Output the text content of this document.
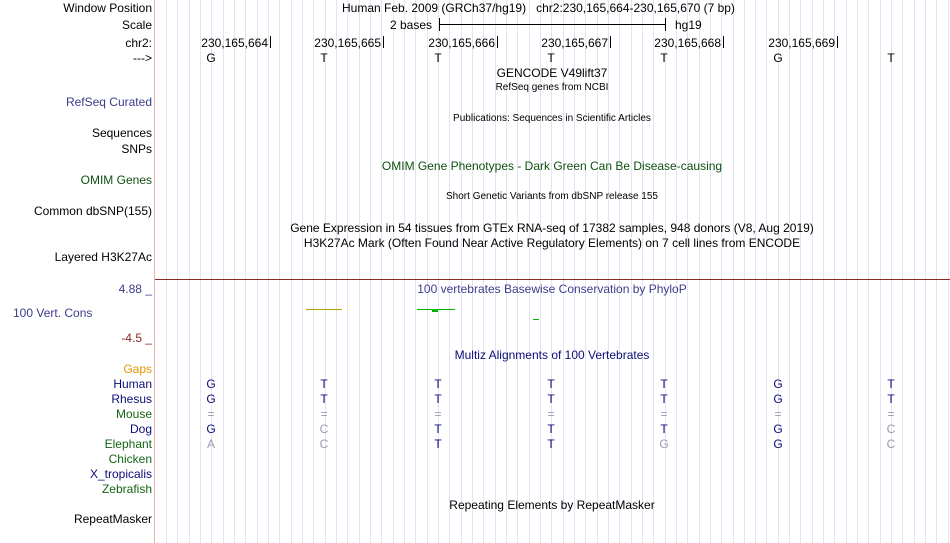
Window Position	Human Feb. 2009 (GRCh37/hg19)   chr2:230,165,664-230,165,670 (7 bp)
Scale	2 bases	hg19
chr2:	230,165,664	230,165,665	230,165,666	230,165,667	230,165,668	230,165,669
--->	G	T	T	T	T	G	T
GENCODE V49lift37
RefSeq genes from NCBI
RefSeq Curated
Publications: Sequences in Scientific Articles
Sequences
SNPs
OMIM Gene Phenotypes - Dark Green Can Be Disease-causing
OMIM Genes
Short Genetic Variants from dbSNP release 155
Common dbSNP(155)
Gene Expression in 54 tissues from GTEx RNA-seq of 17382 samples, 948 donors (V8, Aug 2019)
H3K27Ac Mark (Often Found Near Active Regulatory Elements) on 7 cell lines from ENCODE
Layered H3K27Ac
4.88 _	100 vertebrates Basewise Conservation by PhyloP
100 Vert. Cons
-4.5 _
Multiz Alignments of 100 Vertebrates
Gaps
Human	G	T	T	T	T	G	T
Rhesus	G	T	T	T	T	G	T
Mouse	=	=	=	=	=	=	=
Dog	G	C	T	T	T	G	C
Elephant	A	C	T	T	G	G	C
Chicken
X_tropicalis
Zebrafish
Repeating Elements by RepeatMasker
RepeatMasker
